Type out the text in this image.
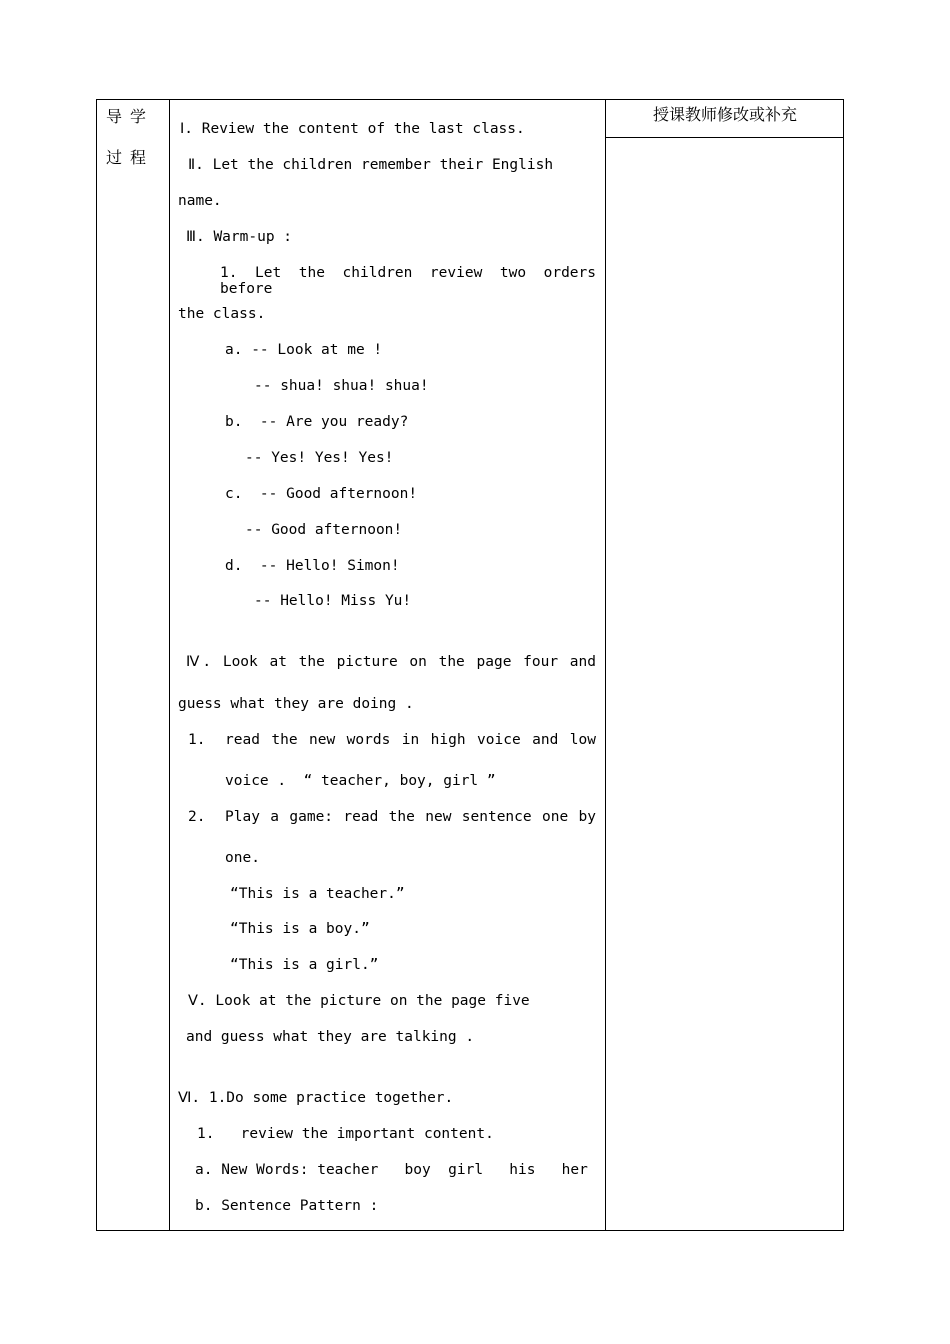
导学
过程
授课教师修改或补充
Ⅰ. Review the content of the last class.
Ⅱ. Let the children remember their English
name.
Ⅲ. Warm-up :
1. Let the children review two orders before
the class.
a. -- Look at me !
-- shua! shua! shua!
b.  -- Are you ready?
-- Yes! Yes! Yes!
c.  -- Good afternoon!
-- Good afternoon!
d.  -- Hello! Simon!
-- Hello! Miss Yu!
Ⅳ. Look at the picture on the page four and
guess what they are doing .
1. read the new words in high voice and low
voice .  “ teacher, boy, girl ”
2. Play a game: read the new sentence one by
one.
“This is a teacher.”
“This is a boy.”
“This is a girl.”
Ⅴ. Look at the picture on the page five
and guess what they are talking .
Ⅵ. 1.Do some practice together.
1.   review the important content.
a. New Words: teacher   boy  girl   his   her
b. Sentence Pattern :
